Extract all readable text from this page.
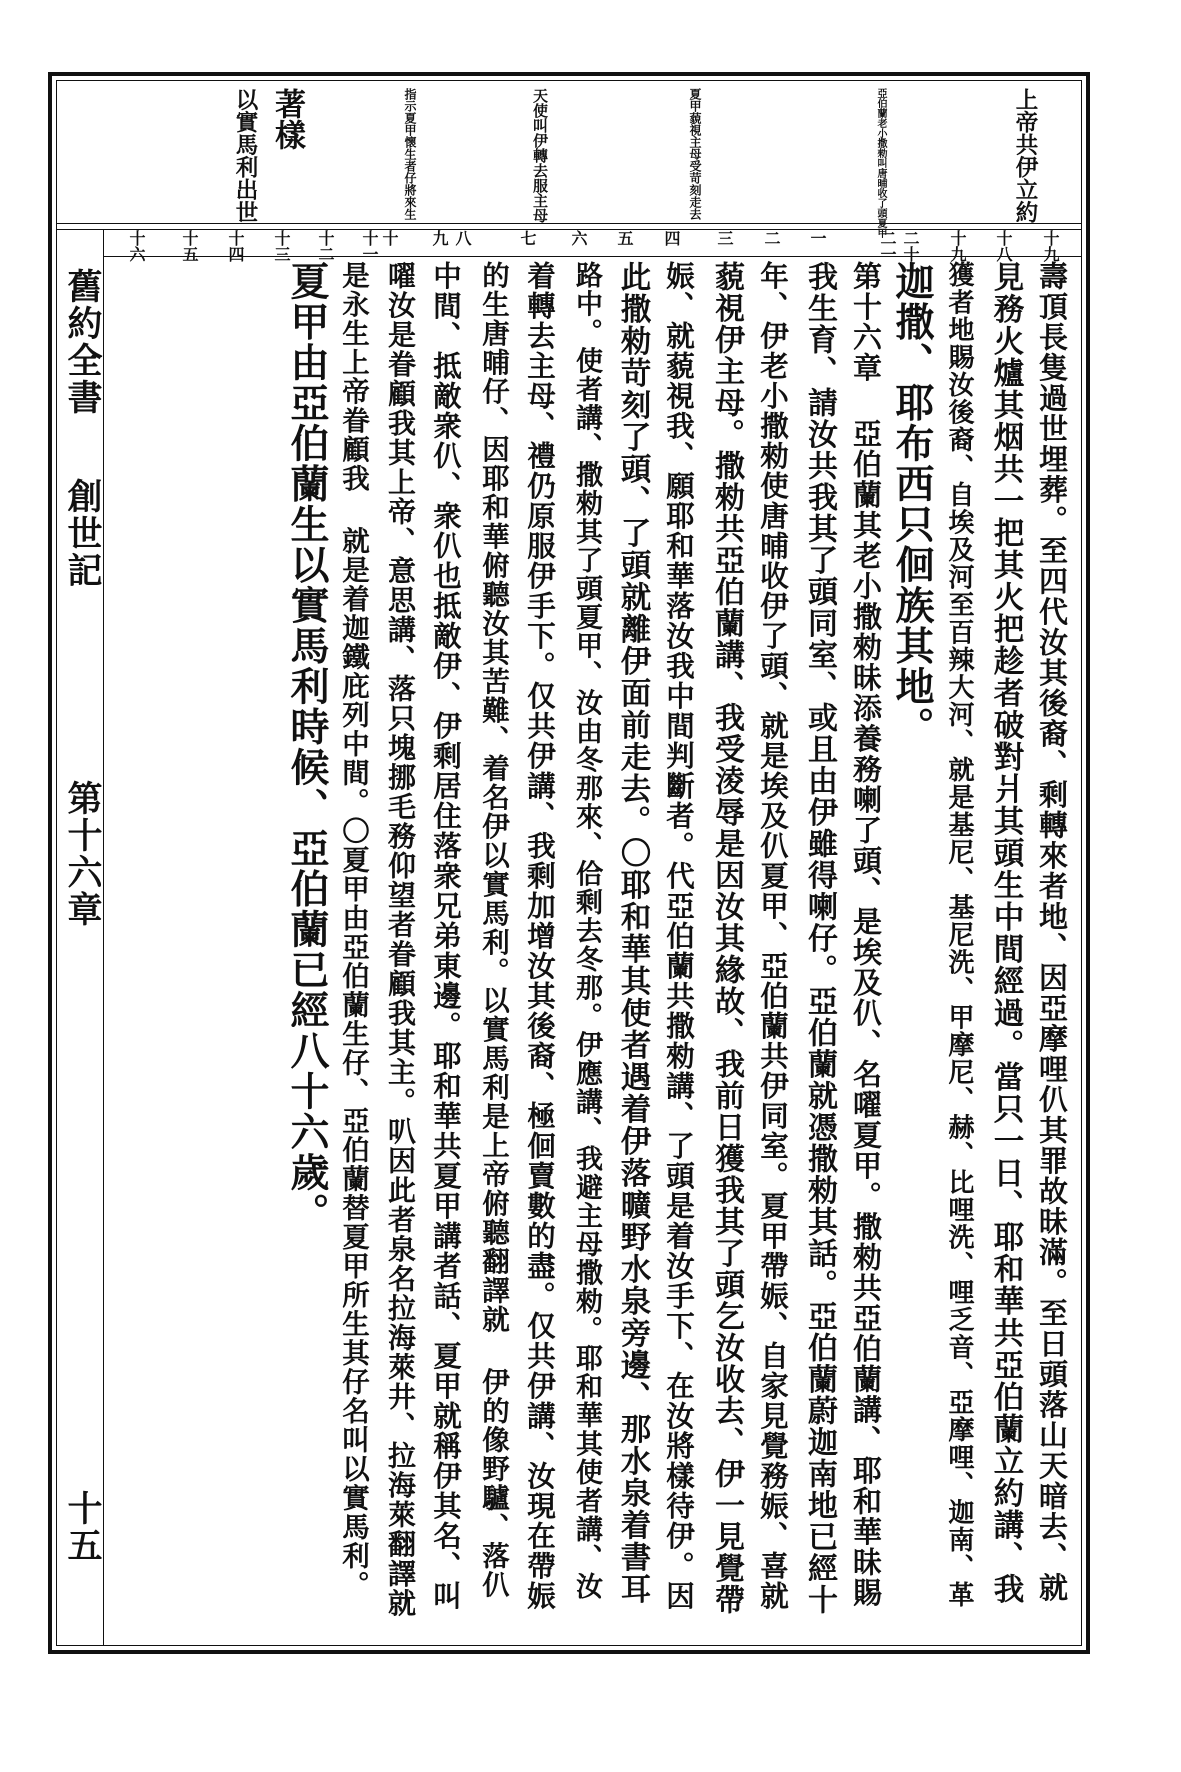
舊約全書
創世記
第十六章
十五
上帝共伊立約
亞伯蘭老小撒勑叫唐晡收了頭夏甲
夏甲藐視主母受苛刻走去
天使叫伊轉去服主母
指示夏甲懷生者仔將來生
著樣
以實馬利出世
十九
十八
十九
二十
二一
一
二
三
四
五
六
七
八
九
十
十一
十二
十三
十四
十五
十六
壽頂長隻過世埋葬。至四代汝其後裔、剩轉來者地、因亞摩哩仈其罪故昧滿。至日頭落山天暗去、就
見務火爐其烟共一把其火把趁者破對爿其頭生中間經過。當只一日、耶和華共亞伯蘭立約講、我
獲者地賜汝後裔、自埃及河至百辣大河、就是基尼、基尼洗、甲摩尼、赫、比哩洗、哩乏音、亞摩哩、迦南、革
迦撒、耶布西只佪族其地。
第十六章 亞伯蘭其老小撒勑昧添養務喇了頭、是埃及仈、名嚁夏甲。撒勑共亞伯蘭講、耶和華昧賜
我生育、請汝共我其了頭同室、或且由伊雖得喇仔。亞伯蘭就憑撒勑其話。亞伯蘭蔚迦南地已經十
年、伊老小撒勑使唐晡收伊了頭、就是埃及仈夏甲、亞伯蘭共伊同室。夏甲帶娠、自家見覺務娠、喜就
藐視伊主母。撒勑共亞伯蘭講、我受淩辱是因汝其緣故、我前日獲我其了頭乞汝收去、伊一見覺帶
娠、就藐視我、願耶和華落汝我中間判斷者。代亞伯蘭共撒勑講、了頭是着汝手下、在汝將樣待伊。因
此撒勑苛刻了頭、了頭就離伊面前走去。〇耶和華其使者遇着伊落曠野水泉旁邊、那水泉着書耳
路中。使者講、撒勑其了頭夏甲、汝由冬那來、佮剩去冬那。伊應講、我避主母撒勑。耶和華其使者講、汝
着轉去主母、禮仍原服伊手下。仅共伊講、我剩加增汝其後裔、極佪賣數的盡。仅共伊講、汝現在帶娠
的生唐晡仔、因耶和華俯聽汝其苦難、着名伊以實馬利。以實馬利是上帝俯聽翻譯就 伊的像野驢、落仈
中間、抵敵衆仈、衆仈也抵敵伊、伊剩居住落衆兄弟東邊。耶和華共夏甲講者話、夏甲就稱伊其名、叫
嚁汝是眷顧我其上帝、意思講、落只塊挪毛務仰望者眷顧我其主。叭因此者泉名拉海萊井、拉海萊翻譯就
是永生上帝眷顧我 就是着迦鐵庇列中間。〇夏甲由亞伯蘭生仔、亞伯蘭替夏甲所生其仔名叫以實馬利。
夏甲由亞伯蘭生以實馬利時候、亞伯蘭已經八十六歲。
